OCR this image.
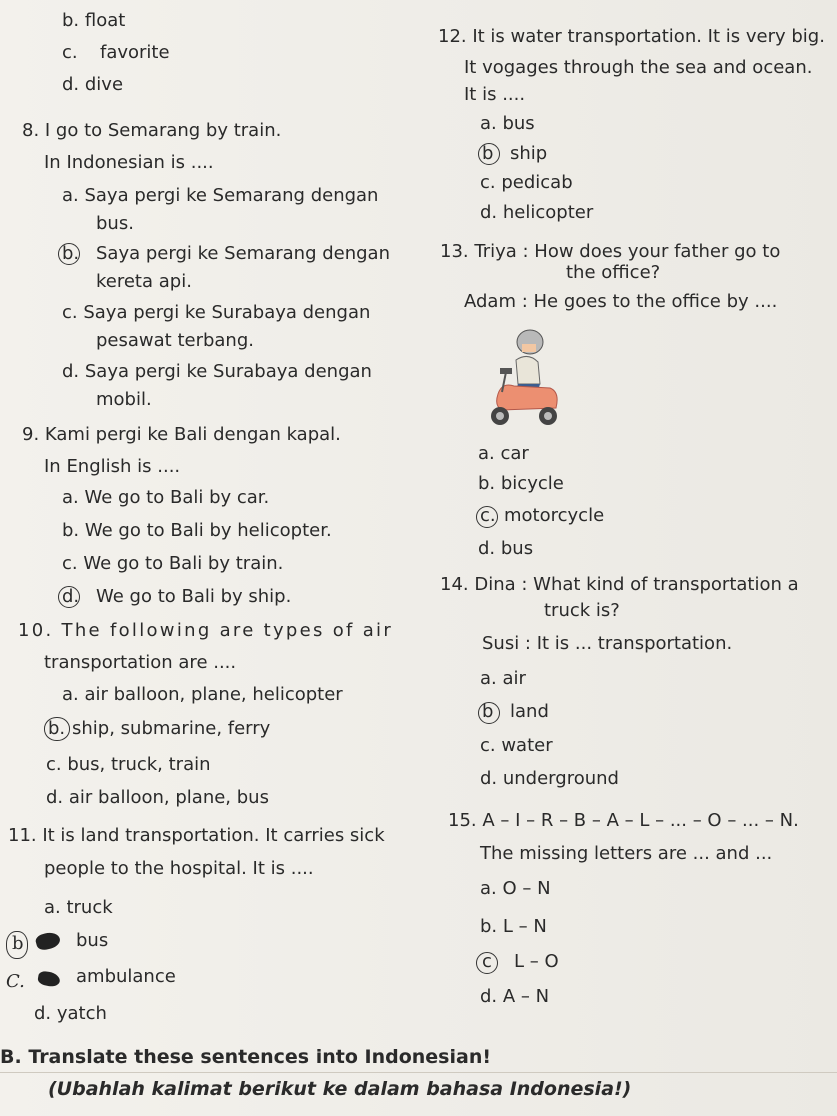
b. float
c. favorite
d. dive
8. I go to Semarang by train.
In Indonesian is ....
a. Saya pergi ke Semarang dengan
bus.
b. Saya pergi ke Semarang dengan
kereta api.
c. Saya pergi ke Surabaya dengan
pesawat terbang.
d. Saya pergi ke Surabaya dengan
mobil.
9. Kami pergi ke Bali dengan kapal.
In English is ....
a. We go to Bali by car.
b. We go to Bali by helicopter.
c. We go to Bali by train.
d. We go to Bali by ship.
10. The following are types of air
transportation are ....
a. air balloon, plane, helicopter
b. ship, submarine, ferry
c. bus, truck, train
d. air balloon, plane, bus
11. It is land transportation. It carries sick
people to the hospital. It is ....
a. truck
b	bus
C.	ambulance
d. yatch
B. Translate these sentences into Indonesian!
(Ubahlah kalimat berikut ke dalam bahasa Indonesia!)
12. It is water transportation. It is very big.
It vogages through the sea and ocean.
It is ....
a. bus
b ship
c. pedicab
d. helicopter
13. Triya : How does your father go to
the office?
Adam : He goes to the office by ....
a. car
b. bicycle
c. motorcycle
d. bus
14. Dina : What kind of transportation a
truck is?
Susi : It is ... transportation.
a. air
b land
c. water
d. underground
15. A – I – R – B – A – L – ... – O – ... – N.
The missing letters are ... and ...
a. O – N
b. L – N
c L – O
d. A – N
